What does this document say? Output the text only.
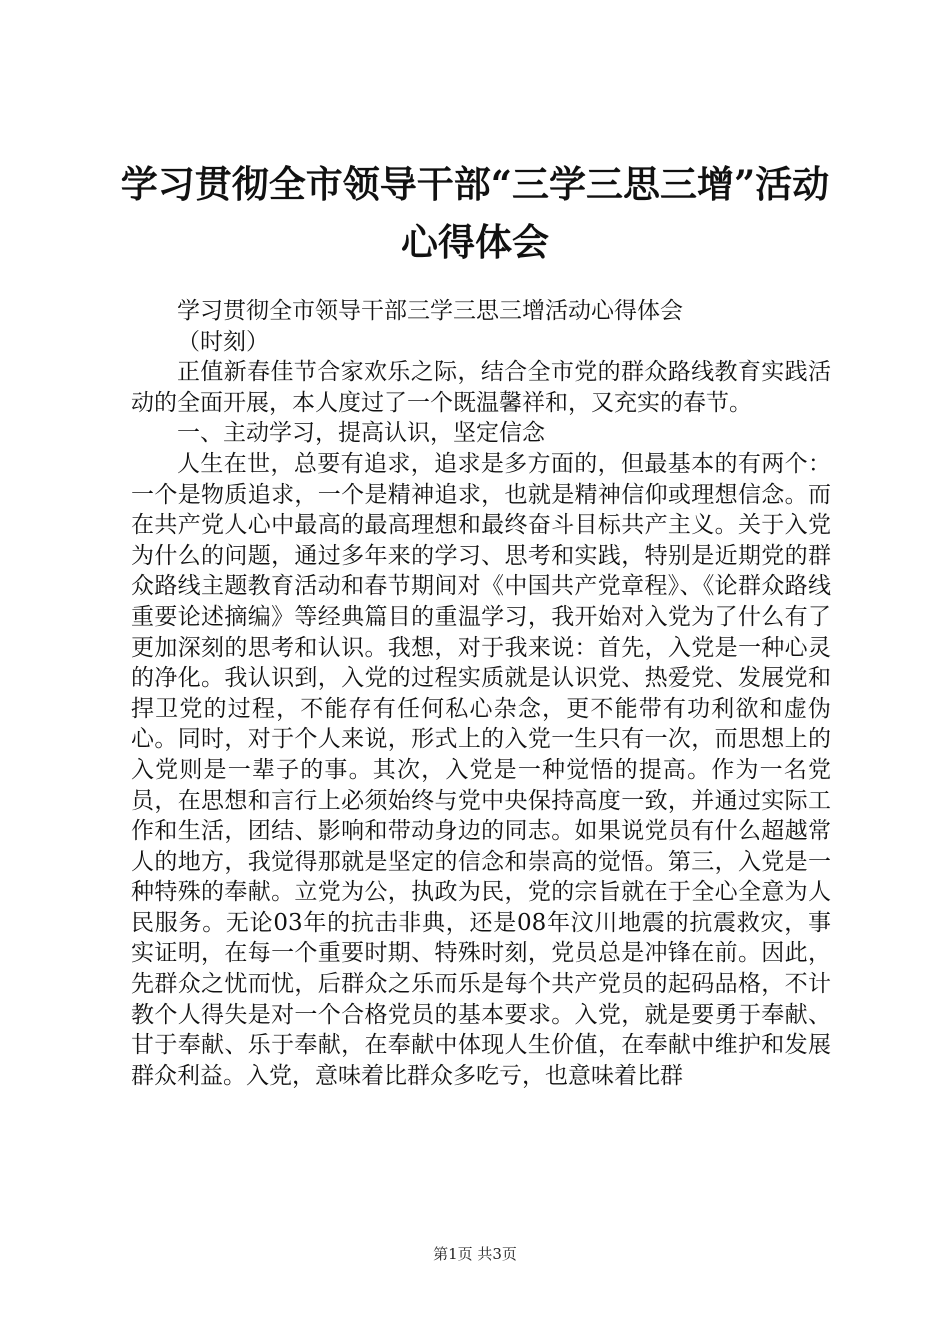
学习贯彻全市领导干部“三学三思三增”活动
心得体会

学习贯彻全市领导干部三学三思三增活动心得体会

（时刻）

正值新春佳节合家欢乐之际，结合全市党的群众路线教育实践活动的全面开展，本人度过了一个既温馨祥和，又充实的春节。

一、主动学习，提高认识，坚定信念

人生在世，总要有追求，追求是多方面的，但最基本的有两个：一个是物质追求，一个是精神追求，也就是精神信仰或理想信念。而在共产党人心中最高的最高理想和最终奋斗目标共产主义。关于入党为什么的问题，通过多年来的学习、思考和实践，特别是近期党的群众路线主题教育活动和春节期间对《中国共产党章程》、《论群众路线重要论述摘编》等经典篇目的重温学习，我开始对入党为了什么有了更加深刻的思考和认识。我想，对于我来说：首先，入党是一种心灵的净化。我认识到，入党的过程实质就是认识党、热爱党、发展党和捍卫党的过程，不能存有任何私心杂念，更不能带有功利欲和虚伪心。同时，对于个人来说，形式上的入党一生只有一次，而思想上的入党则是一辈子的事。其次，入党是一种觉悟的提高。作为一名党员，在思想和言行上必须始终与党中央保持高度一致，并通过实际工作和生活，团结、影响和带动身边的同志。如果说党员有什么超越常人的地方，我觉得那就是坚定的信念和崇高的觉悟。第三，入党是一种特殊的奉献。立党为公，执政为民，党的宗旨就在于全心全意为人民服务。无论03年的抗击非典，还是08年汶川地震的抗震救灾，事实证明，在每一个重要时期、特殊时刻，党员总是冲锋在前。因此，先群众之忧而忧，后群众之乐而乐是每个共产党员的起码品格，不计教个人得失是对一个合格党员的基本要求。入党，就是要勇于奉献、甘于奉献、乐于奉献，在奉献中体现人生价值，在奉献中维护和发展群众利益。入党，意味着比群众多吃亏，也意味着比群

第1页 共3页
